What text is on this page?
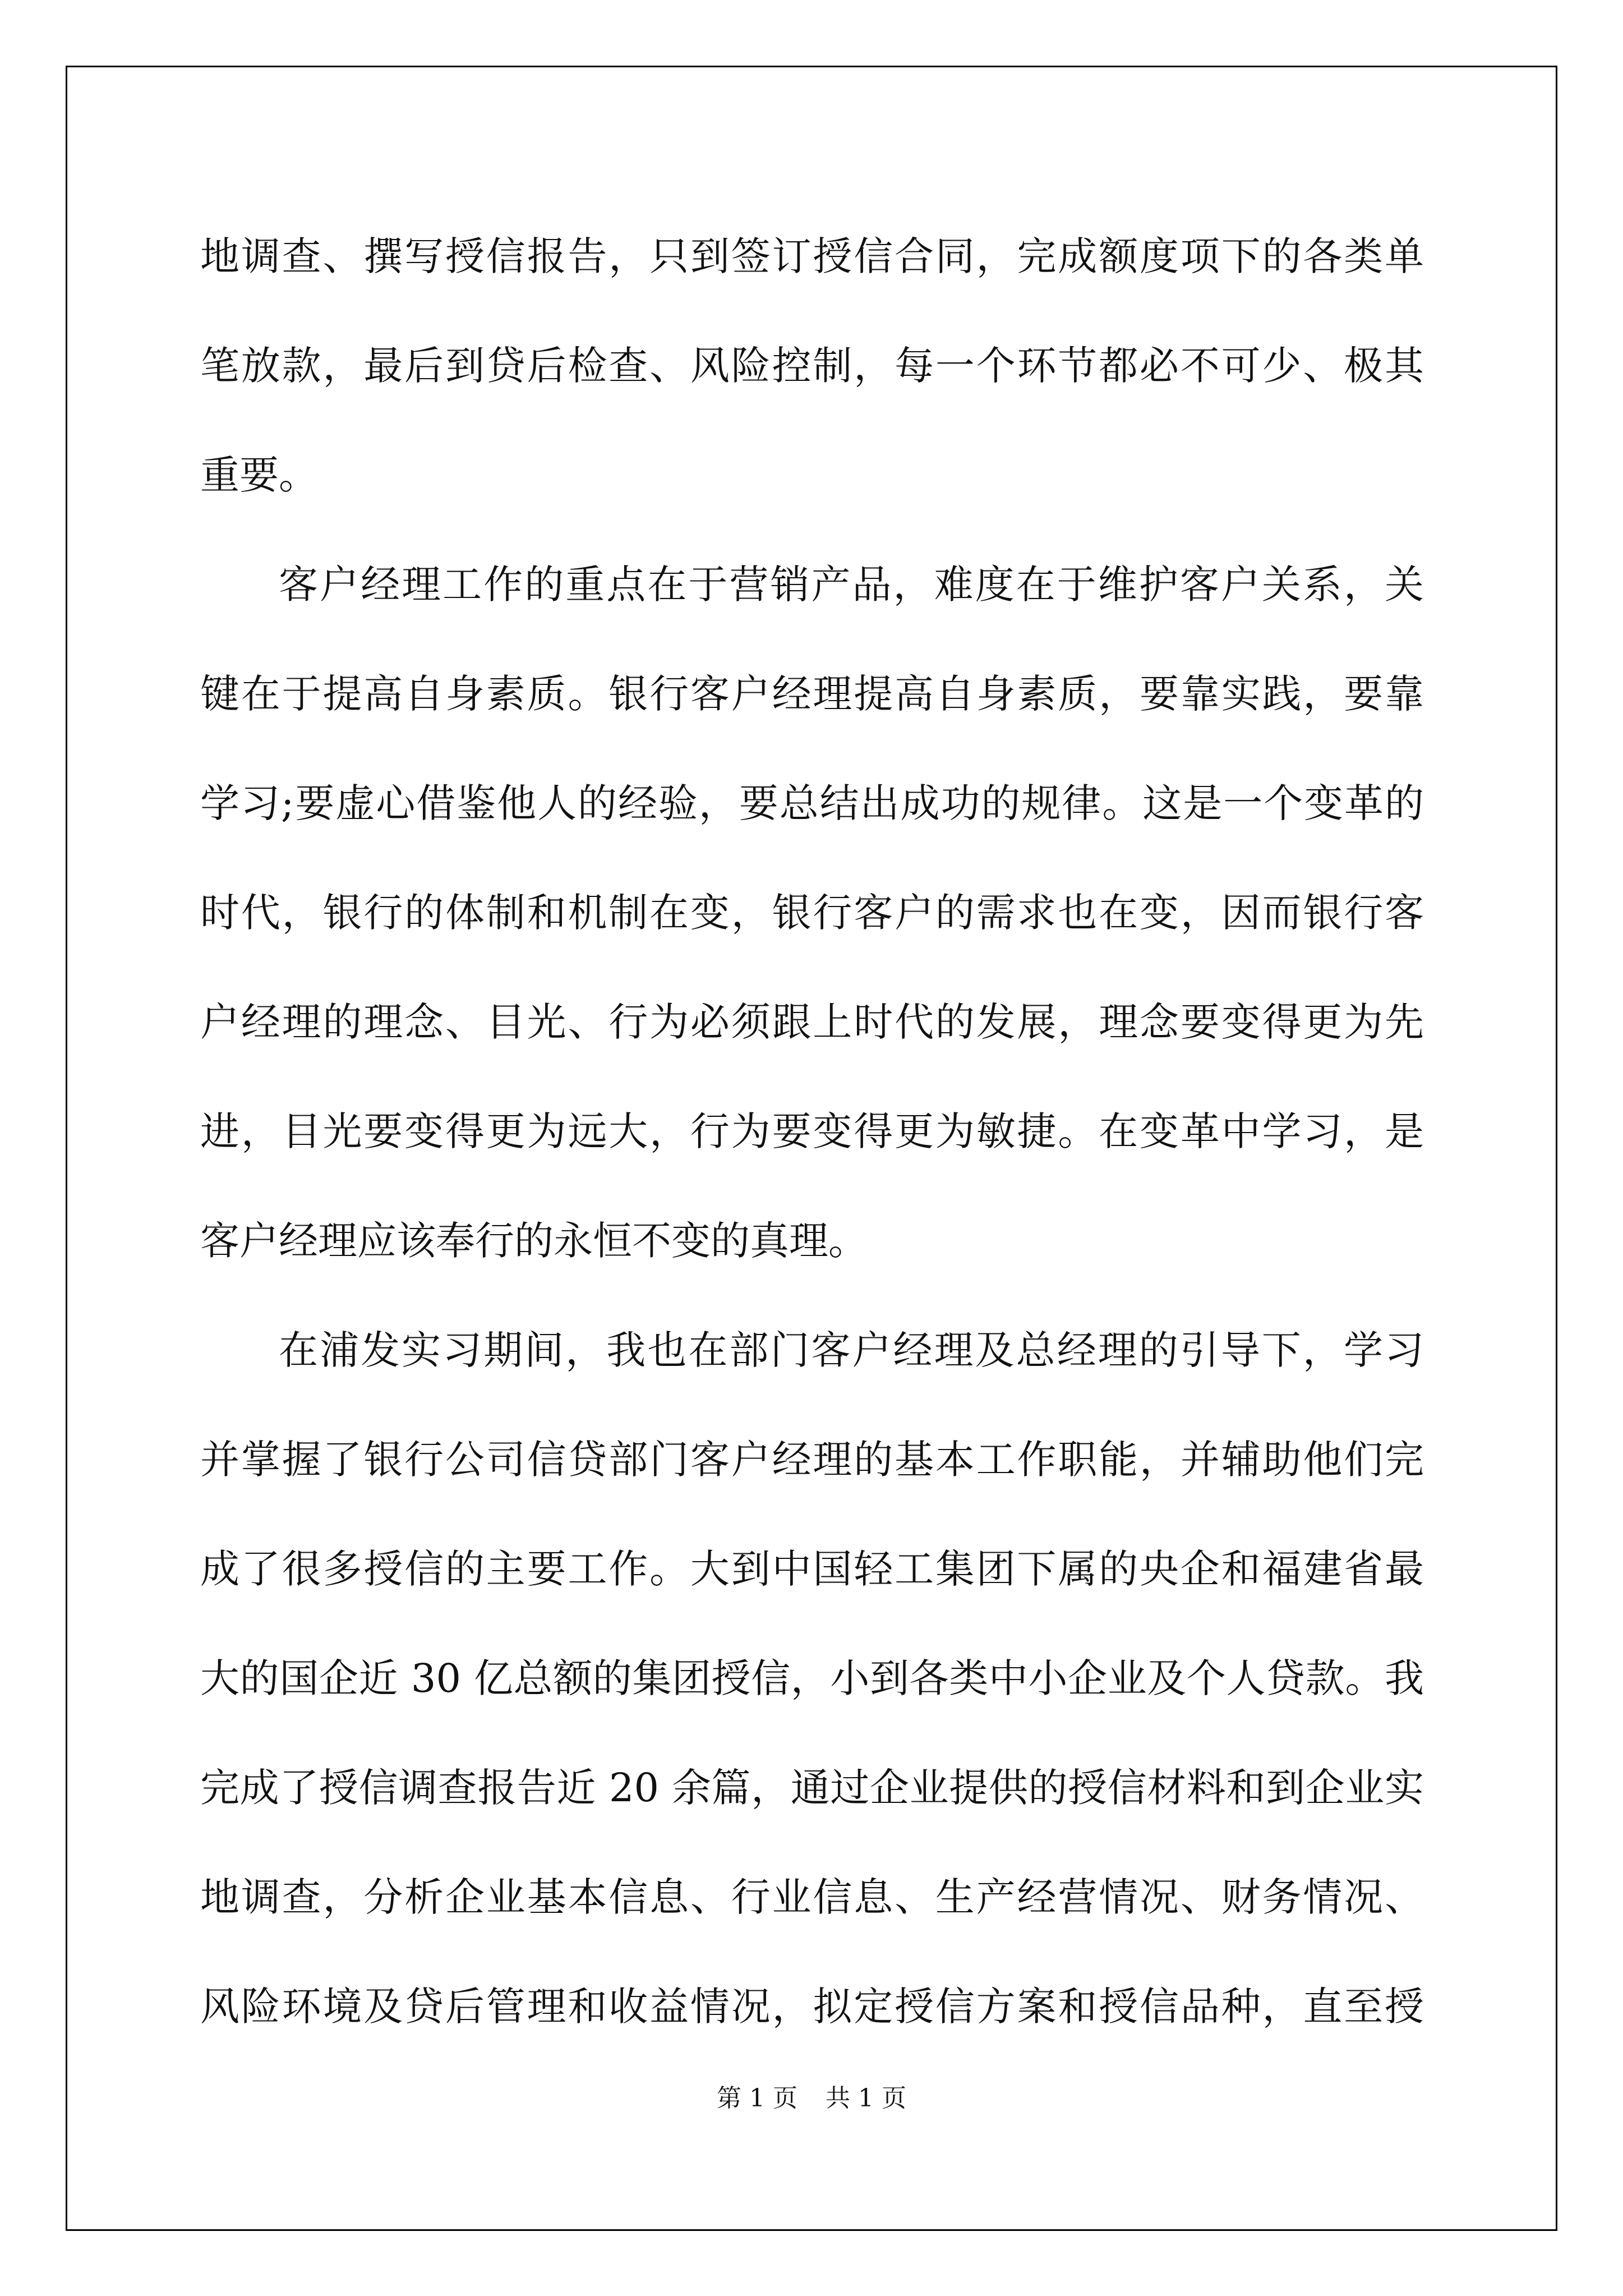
地调查、撰写授信报告，只到签订授信合同，完成额度项下的各类单
笔放款，最后到贷后检查、风险控制，每一个环节都必不可少、极其
重要。
客户经理工作的重点在于营销产品，难度在于维护客户关系，关
键在于提高自身素质。银行客户经理提高自身素质，要靠实践，要靠
学习;要虚心借鉴他人的经验，要总结出成功的规律。这是一个变革的
时代，银行的体制和机制在变，银行客户的需求也在变，因而银行客
户经理的理念、目光、行为必须跟上时代的发展，理念要变得更为先
进，目光要变得更为远大，行为要变得更为敏捷。在变革中学习，是
客户经理应该奉行的永恒不变的真理。
在浦发实习期间，我也在部门客户经理及总经理的引导下，学习
并掌握了银行公司信贷部门客户经理的基本工作职能，并辅助他们完
成了很多授信的主要工作。大到中国轻工集团下属的央企和福建省最
大的国企近 30 亿总额的集团授信，小到各类中小企业及个人贷款。我
完成了授信调查报告近 20 余篇，通过企业提供的授信材料和到企业实
地调查，分析企业基本信息、行业信息、生产经营情况、财务情况、
风险环境及贷后管理和收益情况，拟定授信方案和授信品种，直至授
第 1 页 共 1 页
